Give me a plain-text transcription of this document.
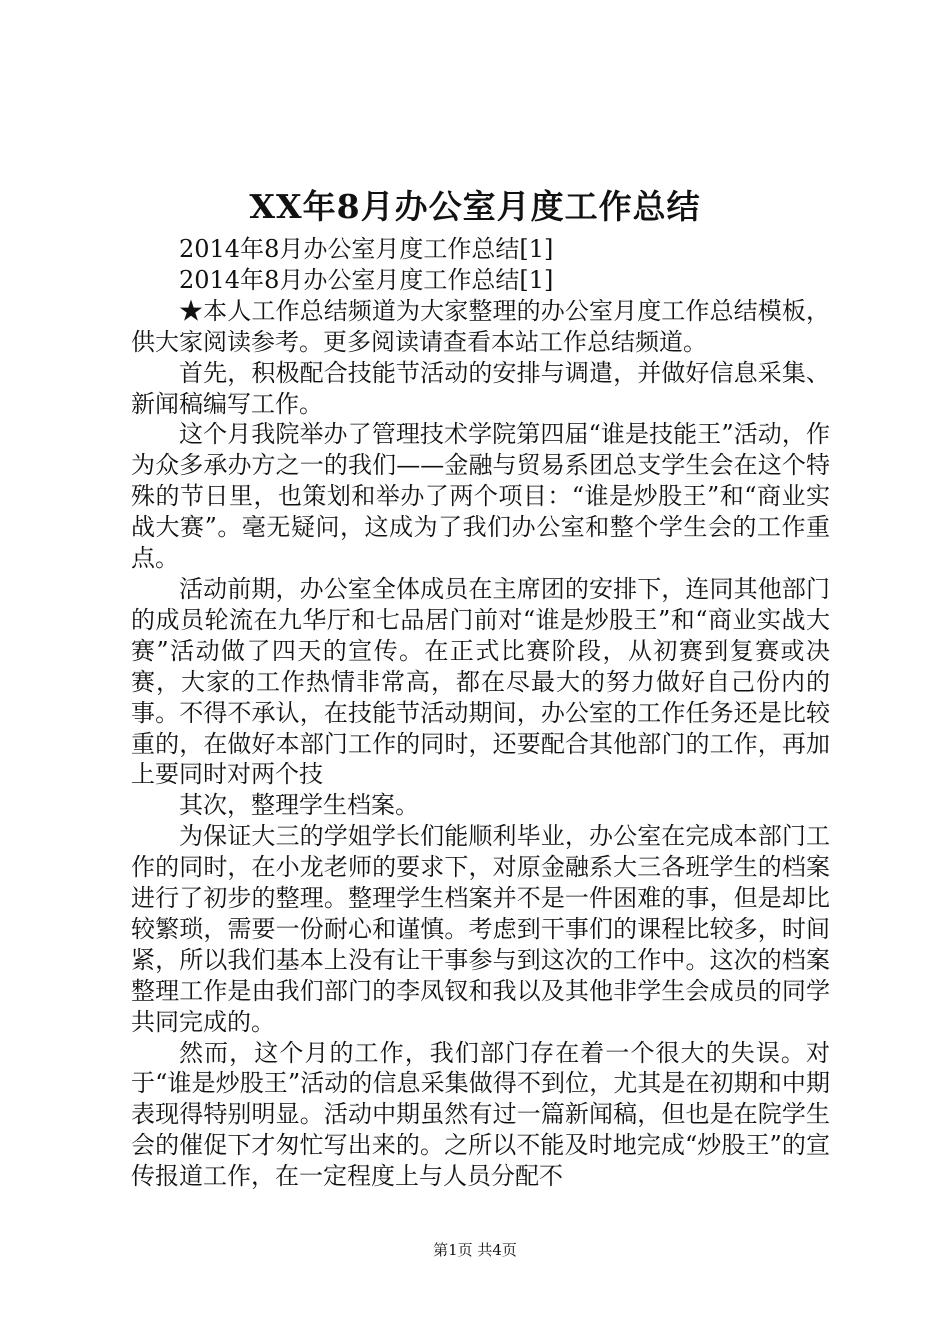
XX年8月办公室月度工作总结

2014年8月办公室月度工作总结[1]

2014年8月办公室月度工作总结[1]

★本人工作总结频道为大家整理的办公室月度工作总结模板，供大家阅读参考。更多阅读请查看本站工作总结频道。

首先，积极配合技能节活动的安排与调遣，并做好信息采集、新闻稿编写工作。

这个月我院举办了管理技术学院第四届“谁是技能王”活动，作为众多承办方之一的我们——金融与贸易系团总支学生会在这个特殊的节日里，也策划和举办了两个项目：“谁是炒股王”和“商业实战大赛”。毫无疑问，这成为了我们办公室和整个学生会的工作重点。

活动前期，办公室全体成员在主席团的安排下，连同其他部门的成员轮流在九华厅和七品居门前对“谁是炒股王”和“商业实战大赛”活动做了四天的宣传。在正式比赛阶段，从初赛到复赛或决赛，大家的工作热情非常高，都在尽最大的努力做好自己份内的事。不得不承认，在技能节活动期间，办公室的工作任务还是比较重的，在做好本部门工作的同时，还要配合其他部门的工作，再加上要同时对两个技

其次，整理学生档案。

为保证大三的学姐学长们能顺利毕业，办公室在完成本部门工作的同时，在小龙老师的要求下，对原金融系大三各班学生的档案进行了初步的整理。整理学生档案并不是一件困难的事，但是却比较繁琐，需要一份耐心和谨慎。考虑到干事们的课程比较多，时间紧，所以我们基本上没有让干事参与到这次的工作中。这次的档案整理工作是由我们部门的李凤钗和我以及其他非学生会成员的同学共同完成的。

然而，这个月的工作，我们部门存在着一个很大的失误。对于“谁是炒股王”活动的信息采集做得不到位，尤其是在初期和中期表现得特别明显。活动中期虽然有过一篇新闻稿，但也是在院学生会的催促下才匆忙写出来的。之所以不能及时地完成“炒股王”的宣传报道工作，在一定程度上与人员分配不

第1页 共4页
